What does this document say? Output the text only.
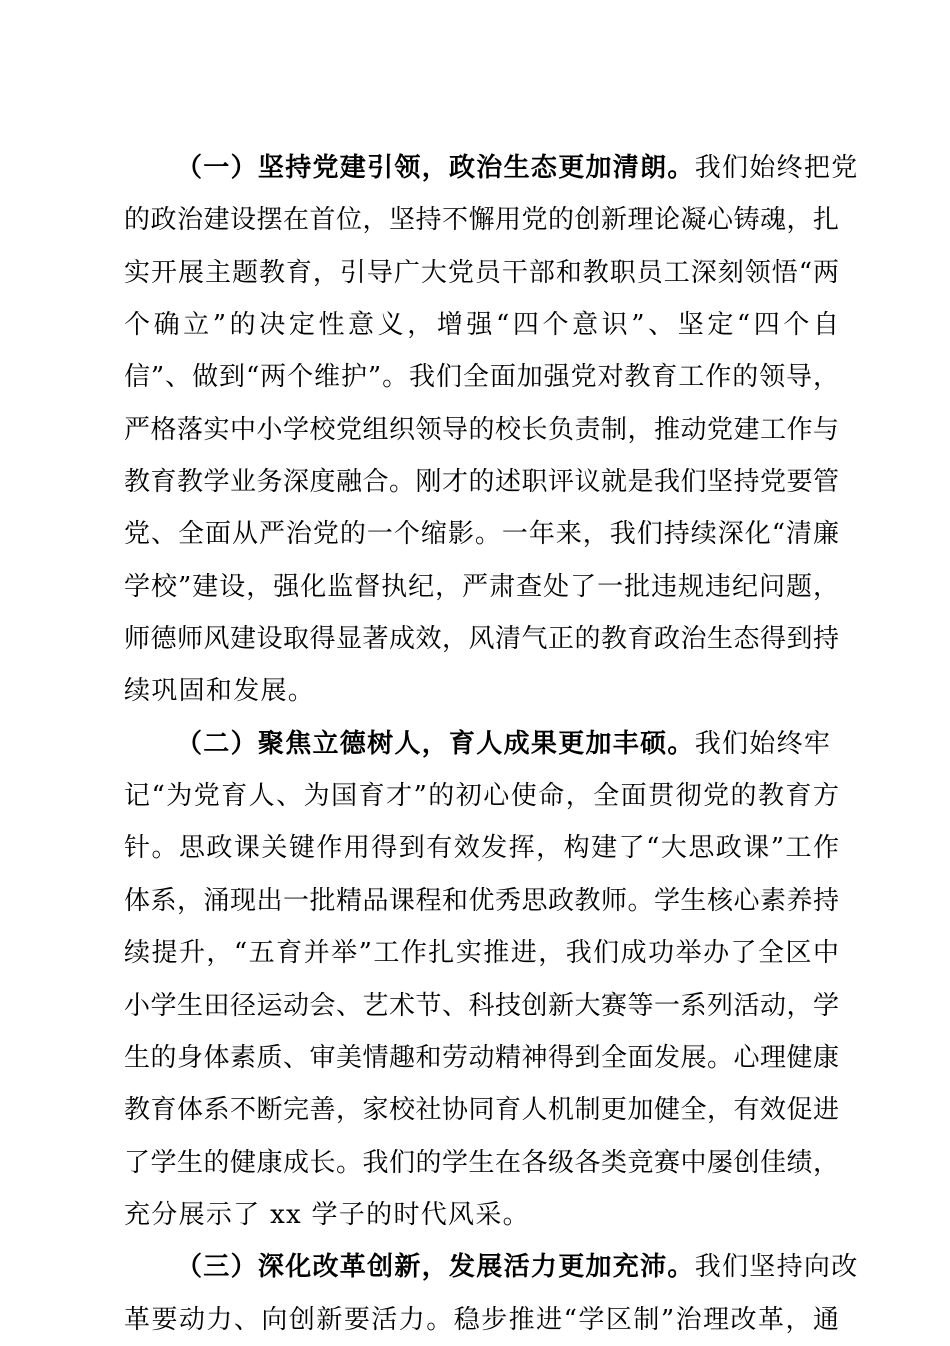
（一）坚持党建引领，政治生态更加清朗。我们始终把党
的政治建设摆在首位，坚持不懈用党的创新理论凝心铸魂，扎
实开展主题教育，引导广大党员干部和教职员工深刻领悟“两
个确立”的决定性意义，增强“四个意识”、坚定“四个自
信”、做到“两个维护”。我们全面加强党对教育工作的领导，
严格落实中小学校党组织领导的校长负责制，推动党建工作与
教育教学业务深度融合。刚才的述职评议就是我们坚持党要管
党、全面从严治党的一个缩影。一年来，我们持续深化“清廉
学校”建设，强化监督执纪，严肃查处了一批违规违纪问题，
师德师风建设取得显著成效，风清气正的教育政治生态得到持
续巩固和发展。
（二）聚焦立德树人，育人成果更加丰硕。我们始终牢
记“为党育人、为国育才”的初心使命，全面贯彻党的教育方
针。思政课关键作用得到有效发挥，构建了“大思政课”工作
体系，涌现出一批精品课程和优秀思政教师。学生核心素养持
续提升，“五育并举”工作扎实推进，我们成功举办了全区中
小学生田径运动会、艺术节、科技创新大赛等一系列活动，学
生的身体素质、审美情趣和劳动精神得到全面发展。心理健康
教育体系不断完善，家校社协同育人机制更加健全，有效促进
了学生的健康成长。我们的学生在各级各类竞赛中屡创佳绩，
充分展示了 xx 学子的时代风采。
（三）深化改革创新，发展活力更加充沛。我们坚持向改
革要动力、向创新要活力。稳步推进“学区制”治理改革，通
